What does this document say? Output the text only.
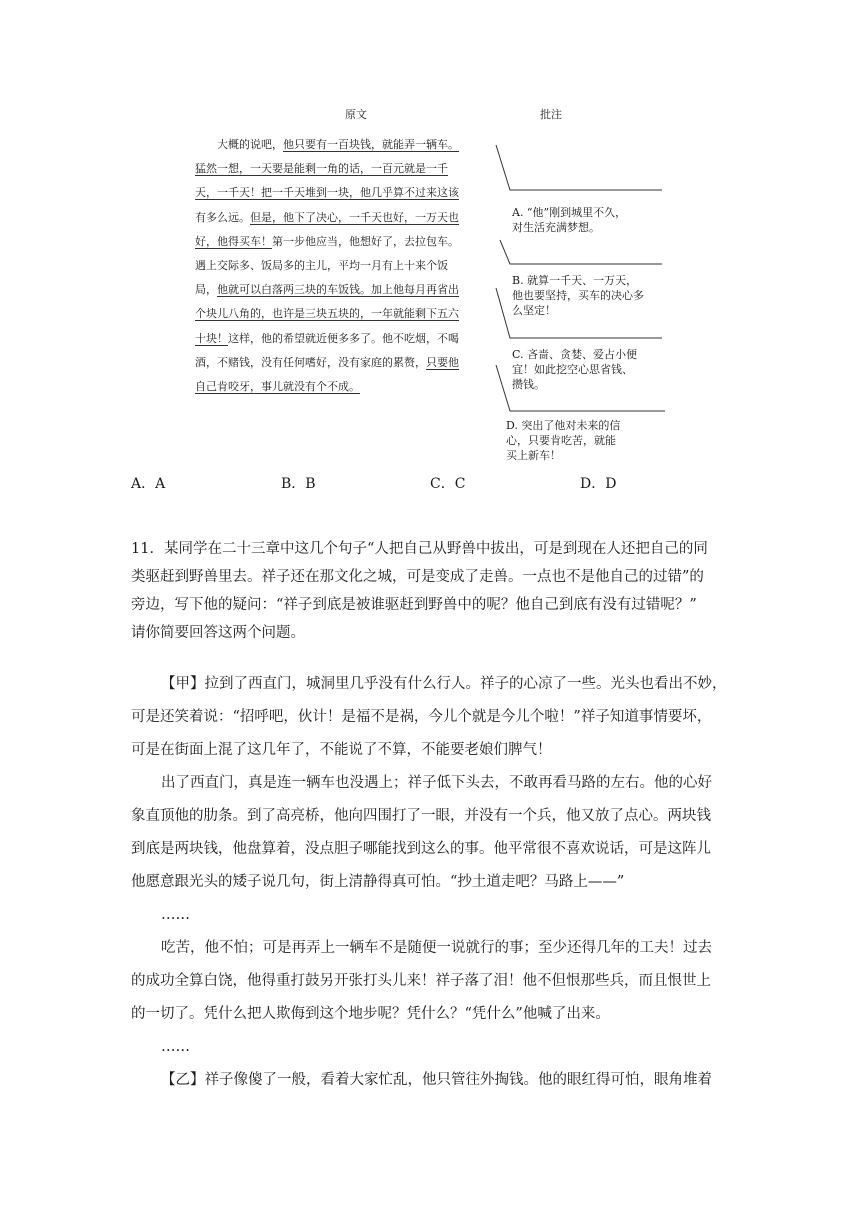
原文	批注
大概的说吧，他只要有一百块钱，就能弄一辆车。
猛然一想，一天要是能剩一角的话，一百元就是一千
天，一千天！把一千天堆到一块，他几乎算不过来这该
有多么远。但是，他下了决心，一千天也好，一万天也
好，他得买车！第一步他应当，他想好了，去拉包车。
遇上交际多、饭局多的主儿，平均一月有上十来个饭
局，他就可以白落两三块的车饭钱。加上他每月再省出
个块儿八角的，也许是三块五块的，一年就能剩下五六
十块！这样，他的希望就近便多多了。他不吃烟，不喝
酒，不赌钱，没有任何嗜好，没有家庭的累赘，只要他
自己肯咬牙，事儿就没有个不成。
A. “他”刚到城里不久，
对生活充满梦想。
B. 就算一千天、一万天，
他也要坚持，买车的决心多
么坚定！
C. 吝啬、贪婪、爱占小便
宜！如此挖空心思省钱、
攒钱。
D. 突出了他对未来的信
心，只要肯吃苦，就能
买上新车！
A．A	B．B	C．C	D．D
11．某同学在二十三章中这几个句子“人把自己从野兽中拔出，可是到现在人还把自己的同
类驱赶到野兽里去。祥子还在那文化之城，可是变成了走兽。一点也不是他自己的过错”的
旁边，写下他的疑问：“祥子到底是被谁驱赶到野兽中的呢？他自己到底有没有过错呢？”
请你简要回答这两个问题。
【甲】拉到了西直门，城洞里几乎没有什么行人。祥子的心凉了一些。光头也看出不妙，
可是还笑着说：“招呼吧，伙计！是福不是祸，今儿个就是今儿个啦！”祥子知道事情要坏，
可是在街面上混了这几年了，不能说了不算，不能要老娘们脾气！
出了西直门，真是连一辆车也没遇上；祥子低下头去，不敢再看马路的左右。他的心好
象直顶他的肋条。到了高亮桥，他向四围打了一眼，并没有一个兵，他又放了点心。两块钱
到底是两块钱，他盘算着，没点胆子哪能找到这么的事。他平常很不喜欢说话，可是这阵儿
他愿意跟光头的矮子说几句，街上清静得真可怕。“抄土道走吧？马路上——”
……
吃苦，他不怕；可是再弄上一辆车不是随便一说就行的事；至少还得几年的工夫！过去
的成功全算白饶，他得重打鼓另开张打头儿来！祥子落了泪！他不但恨那些兵，而且恨世上
的一切了。凭什么把人欺侮到这个地步呢？凭什么？“凭什么”他喊了出来。
……
【乙】祥子像傻了一般，看着大家忙乱，他只管往外掏钱。他的眼红得可怕，眼角堆着
